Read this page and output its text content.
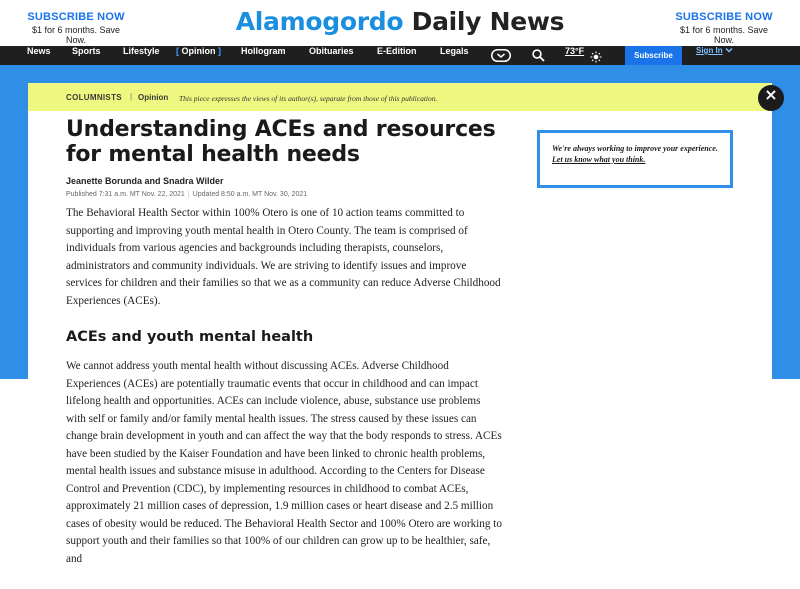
SUBSCRIBE NOW
$1 for 6 months. Save Now.
Alamogordo Daily News	SUBSCRIBE NOW
$1 for 6 months. Save Now.
News Sports Lifestyle [ Opinion ] Hollogram	Obituaries	E-Edition	Legals	73°F	Subscribe
Sign In
COLUMNISTS | Opinion This piece expresses the views of its author(s), separate from those of this publication.	×
Understanding ACEs and resources for mental health needs
Jeanette Borunda and Snadra Wilder
Published 7:31 a.m. MT Nov. 22, 2021 | Updated 8:50 a.m. MT Nov. 30, 2021

The Behavioral Health Sector within 100% Otero is one of 10 action teams committed to supporting and improving youth mental health in Otero County. The team is comprised of individuals from various agencies and backgrounds including therapists, counselors, administrators and community individuals. We are striving to identify issues and improve services for children and their families so that we as a community can reduce Adverse Childhood Experiences (ACEs).

ACEs and youth mental health

We cannot address youth mental health without discussing ACEs. Adverse Childhood Experiences (ACEs) are potentially traumatic events that occur in childhood and can impact lifelong health and opportunities. ACEs can include violence, abuse, substance use problems with self or family and/or family mental health issues. The stress caused by these issues can change brain development in youth and can affect the way that the body responds to stress. ACEs have been studied by the Kaiser Foundation and have been linked to chronic health problems, mental health issues and substance misuse in adulthood. According to the Centers for Disease Control and Prevention (CDC), by implementing resources in childhood to combat ACEs, approximately 21 million cases of depression, 1.9 million cases or heart disease and 2.5 million cases of obesity would be reduced. The Behavioral Health Sector and 100% Otero are working to support youth and their families so that 100% of our children can grow up to be healthier, safe, and

We're always working to improve your experience. Let us know what you think.
